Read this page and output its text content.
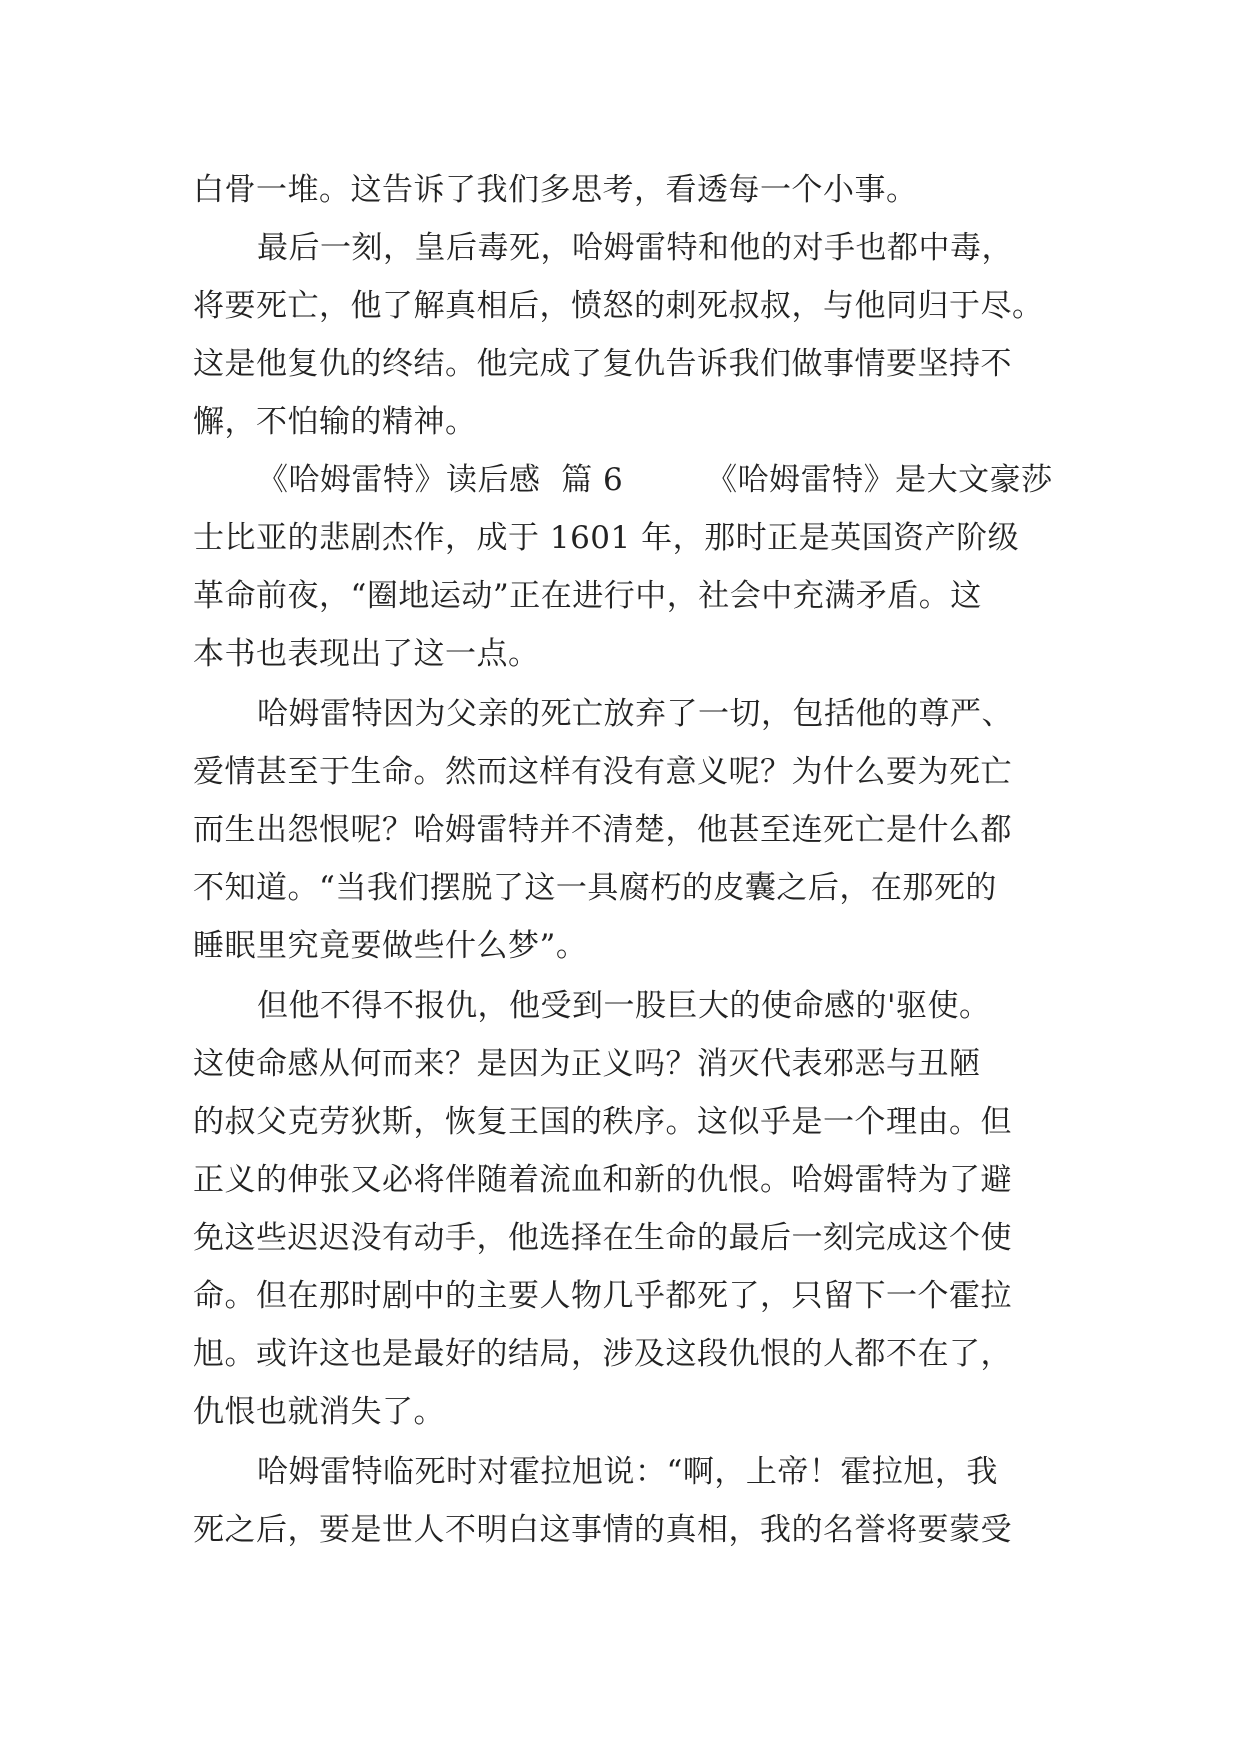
白骨一堆。这告诉了我们多思考，看透每一个小事。
最后一刻，皇后毒死，哈姆雷特和他的对手也都中毒，
将要死亡，他了解真相后，愤怒的刺死叔叔，与他同归于尽。
这是他复仇的终结。他完成了复仇告诉我们做事情要坚持不
懈，不怕输的精神。
《哈姆雷特》读后感  篇 6        《哈姆雷特》是大文豪莎
士比亚的悲剧杰作，成于 1601 年，那时正是英国资产阶级
革命前夜，“圈地运动”正在进行中，社会中充满矛盾。这
本书也表现出了这一点。
哈姆雷特因为父亲的死亡放弃了一切，包括他的尊严、
爱情甚至于生命。然而这样有没有意义呢？为什么要为死亡
而生出怨恨呢？哈姆雷特并不清楚，他甚至连死亡是什么都
不知道。“当我们摆脱了这一具腐朽的皮囊之后，在那死的
睡眠里究竟要做些什么梦”。
但他不得不报仇，他受到一股巨大的使命感的'驱使。
这使命感从何而来？是因为正义吗？消灭代表邪恶与丑陋
的叔父克劳狄斯，恢复王国的秩序。这似乎是一个理由。但
正义的伸张又必将伴随着流血和新的仇恨。哈姆雷特为了避
免这些迟迟没有动手，他选择在生命的最后一刻完成这个使
命。但在那时剧中的主要人物几乎都死了，只留下一个霍拉
旭。或许这也是最好的结局，涉及这段仇恨的人都不在了，
仇恨也就消失了。
哈姆雷特临死时对霍拉旭说：“啊，上帝！霍拉旭，我
死之后，要是世人不明白这事情的真相，我的名誉将要蒙受
